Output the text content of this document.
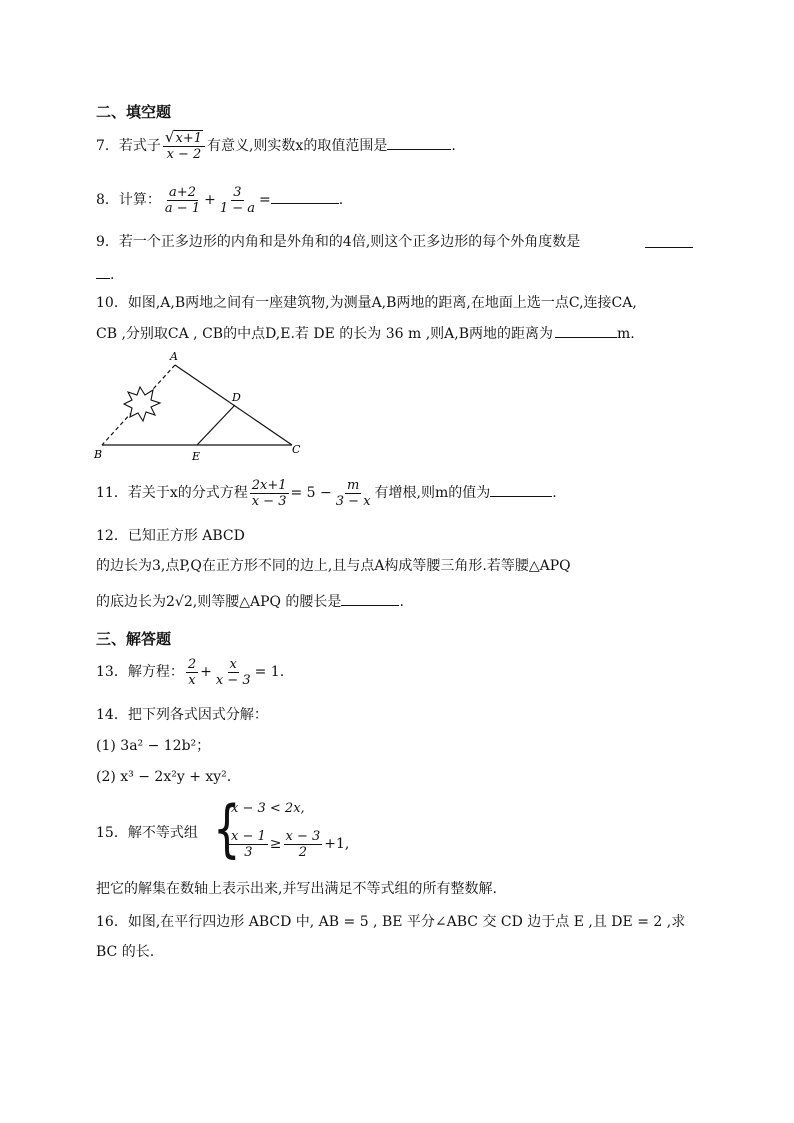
二、填空题
7．若式子 $\frac{√x+1}{x - 2}$ 有意义,则实数x的取值范围是	.
8．计算： $\frac{a+2}{a - 1} + \frac{3}{1 - a}$ =	.
9．若一个正多边形的内角和是外角和的4倍,则这个正多边形的每个外角度数是
.
10．如图,A,B两地之间有一座建筑物,为测量A,B两地的距离,在地面上选一点C,连接CA,
CB ,分别取CA , CB的中点D,E.若 DE 的长为 36 m ,则A,B两地的距离为	m.
A
B	C
D
E
11．若关于x的分式方程 $\frac{2x+1}{x - 3} = 5 - \frac{m}{3 - x}$ 有增根,则m的值为	.
12．已知正方形 ABCD
的边长为3,点P,Q在正方形不同的边上,且与点A构成等腰三角形.若等腰△APQ
的底边长为2√2,则等腰△APQ 的腰长是	.
三、解答题
13．解方程： $\frac{2}{x} + \frac{x}{x - 3} = 1$.
14．把下列各式因式分解：
(1) 3a² − 12b²；
(2) x³ − 2x²y + xy².
15．解不等式组 {
x − 3 < 2x,
$\frac{x - 1}{3} \ge \frac{x - 3}{2} +1$,
把它的解集在数轴上表示出来,并写出满足不等式组的所有整数解.
16．如图,在平行四边形 ABCD 中, AB = 5 , BE 平分∠ABC 交 CD 边于点 E ,且 DE = 2 ,求
BC 的长.
